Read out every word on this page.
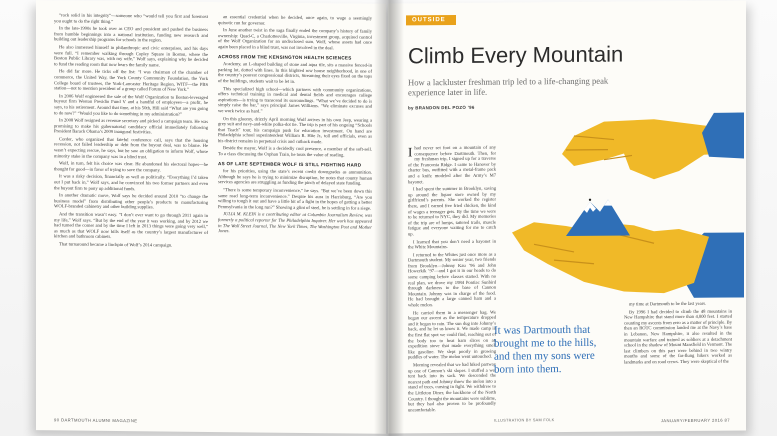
“rock solid in his integrity”—someone who “would tell you first and foremost you ought to do the right thing.”

In the late-1990s he took over as CEO and president and pushed the business from humble beginnings into a national institution, funding new research and building out leadership programs for schools in the region.

He also immersed himself in philanthropic and civic enterprises, and his days were full. “I remember walking through Copley Square in Boston, where the Boston Public Library was, with my wife,” Wolf says, explaining why he decided to fund the reading room that now bears the family name.

He did far more. He ticks off the list: “I was chairman of the chamber of commerce, the United Way, the York County Community Foundation, the York College board of trustees, the York-Lancaster Heritage Region, WITF—the PBS station—not to mention president of a group called Forum of New York.”

In 2006 Wolf engineered the sale of the Wolf Organization to Boston-leveraged buyout firm Weston Presidio Fund V and a handful of employees—a profit, he says, to his retirement. Around that time, at his 50th, Hill said “What are you going to do now?” “Would you like to do something in my administration?”

In 2008 Wolf resigned as revenue secretary and picked a campaign team. He was promising to make his gubernatorial candidacy official immediately following President Barack Obama’s 2009 inaugural festivities.

Corder, who organized that fateful conference call, says that the housing recession, not failed leadership or debt from the buyout deal, was to blame. He wasn’t expecting rescue, he says, but he saw an obligation to inform Wolf, whose minority stake in the company was in a blind trust.

Wolf, in turn, felt his choice was clear. He abandoned his electoral hopes—he thought for good—in favor of trying to save the company.

It was a risky decision, financially as well as politically. “Everything I’d taken out I put back in,” Wolf says, and he convinced his two former partners and even the buyout firm to pony up additional funds.

In another dramatic move, Wolf says he decided around 2010 “to change the business model” from distributing other people’s products to manufacturing WOLF-branded cabinetry and other building supplies.

And the transition wasn’t easy. “I don’t ever want to go through 2011 again in my life,” Wolf says. “But by the end of the year it was working, and by 2012 we had turned the corner and by the time I left in 2013 things were going very well,” as much as that WOLF now bills itself as the country’s largest manufacturer of kitchen and bathroom cabinets.

That turnaround became a linchpin of Wolf’s 2014 campaign.

an essential credential when he decided, once again, to wage a seemingly quixotic run for governor.

In June another twist in the saga finally ended the company’s history of family ownership: Quad-C, a Charlottesville, Virginia, investment group, acquired control of the Wolf Organization for an undisclosed sum. Wolf, whose assets had once again been placed in a blind trust, was not involved in the deal.

ACROSS FROM THE KENSINGTON HEALTH SCIENCES

Academy, an L-shaped building of stone and aqua tile, sits a massive fenced-in parking lot, dotted with lines. In this blighted row house neighborhood, in one of the country’s poorest congressional districts, Streaming their eyes fixed on the tops of the buildings, students wait to be let in.

This specialized high school—which partners with community organizations, offers technical training in medical and dental fields and encourages college aspirations—is trying to transcend its surroundings. “What we’ve decided to do is simply raise the bar,” says principal James Williams. “We eliminate excuses and we work twice as hard.”

On this gloomy, drizzly April morning Wolf arrives in his own Jeep, wearing a grey suit and navy-and-white polka-dot tie. The trip is part of his ongoing “Schools that Teach” tour, his campaign push for education investment. On hand are Philadelphia school superintendent William R. Hite Jr., toll and officials, even as his district remains in perpetual crisis and cutback mode.

Beside the mayor, Wolf is a decidedly cool presence, a member of the soft-sell. To a class discussing the Orphan Train, he touts the value of reading.

AS OF LATE SEPTEMBER WOLF IS STILL FIGHTING HARD

for his priorities, using the state’s recent credit downgrades as ammunition. Although he says he is trying to minimize disruption, he notes that county human services agencies are struggling as funding the pinch of delayed state funding.

“There is some temporary inconvenience,” he says. “But we’ve been down this same road long-term inconvenience.” Despite his aura in Harrisburg, “Are you willing to tough it out and have a little bit of a fight in the hopes of getting a better Pennsylvania in the long run?” Showing a glint of steel, he is settling in for a siege.

JULIA M. KLEIN is a contributing editor at Columbia Journalism Review, was formerly a political reporter for The Philadelphia Inquirer. Her work has appeared in The Wall Street Journal, The New York Times, The Washington Post and Mother Jones.

90 DARTMOUTH ALUMNI MAGAZINE
OUTSIDE
Climb Every Mountain

How a lackluster freshman trip led to a life-changing peak experience later in life.

by BRANDON DEL POZO ’96

Ihad never set foot on a mountain of any consequence before Dartmouth. Then, for my freshman trip, I signed up for a traverse of the Franconia Ridge. I came to Hanover by charter bus, outfitted with a metal-frame pack and a knife modeled after the Army’s M7 bayonet.

I had spent the summer in Brooklyn, saving up around the liquor store owned by my girlfriend’s parents. She worked the register there, and I earned free fried chicken, the kind of wages a teenager gets. By the time we were to be returned to NYC, they did. My memories of the trip are of lumps, tattered trails, muscle fatigue and everyone waiting for me to catch up.

I learned that you don’t need a bayonet in the White Mountains.

I returned to the Whites just once more as a Dartmouth student. My senior year, two friends from Brooklyn—Johnny Kau ’96 and John Howerkik ’97—and I got it in our heads to do some camping before classes started. With no real plan, we drove my 1984 Pontiac Sunbird through darkness to the base of Cannon Mountain. Johnny was in charge of the food. He had brought a large canned ham and a whole melon.

He carried them in a messenger bag. We began our ascent as the temperature dropped and it began to rain. The sun dug into Johnny’s back, and he let us know it. We made camp in the first flat spot we could find, reaching out of the body too to heat ham slices on an expedition stove that made everything smell like gasoline. We slept poorly in growing puddles of water. The melon went untouched.

Morning revealed that we had hiked partway up one of Cannon’s ski slopes. I stuffed a wet tent back into its sack. We descended the nearest path and Johnny threw the melon into a stand of trees, cursing in fight. We withdrew to the Littleton Diner, the backbone of the North Country. I thought the mountains were sublime, but they had also proven to be profoundly uncomfortable.

It was Dartmouth that brought me to the hills, and then my sons were born into them.

my time at Dartmouth to be the last years.

By 1996 I had decided to climb the 48 mountains in New Hampshire that stand more than 4,000 feet. I started counting my ascents from zero as a matter of principle. By then an ROTC commission landed me at the Navy’s base in Lebanon, New Hampshire, it also resulted in the mountain warfare and trained as soldiers at a detachment school in the shadow of Mount Mansfield in Vermont. The last climbers on this part were behind in two wintry months and some of the far-flung hikers worked as landmarks and on road crews. They were skeptical of the

ILLUSTRATION BY SAM FOLK	JANUARY/FEBRUARY 2016 87
